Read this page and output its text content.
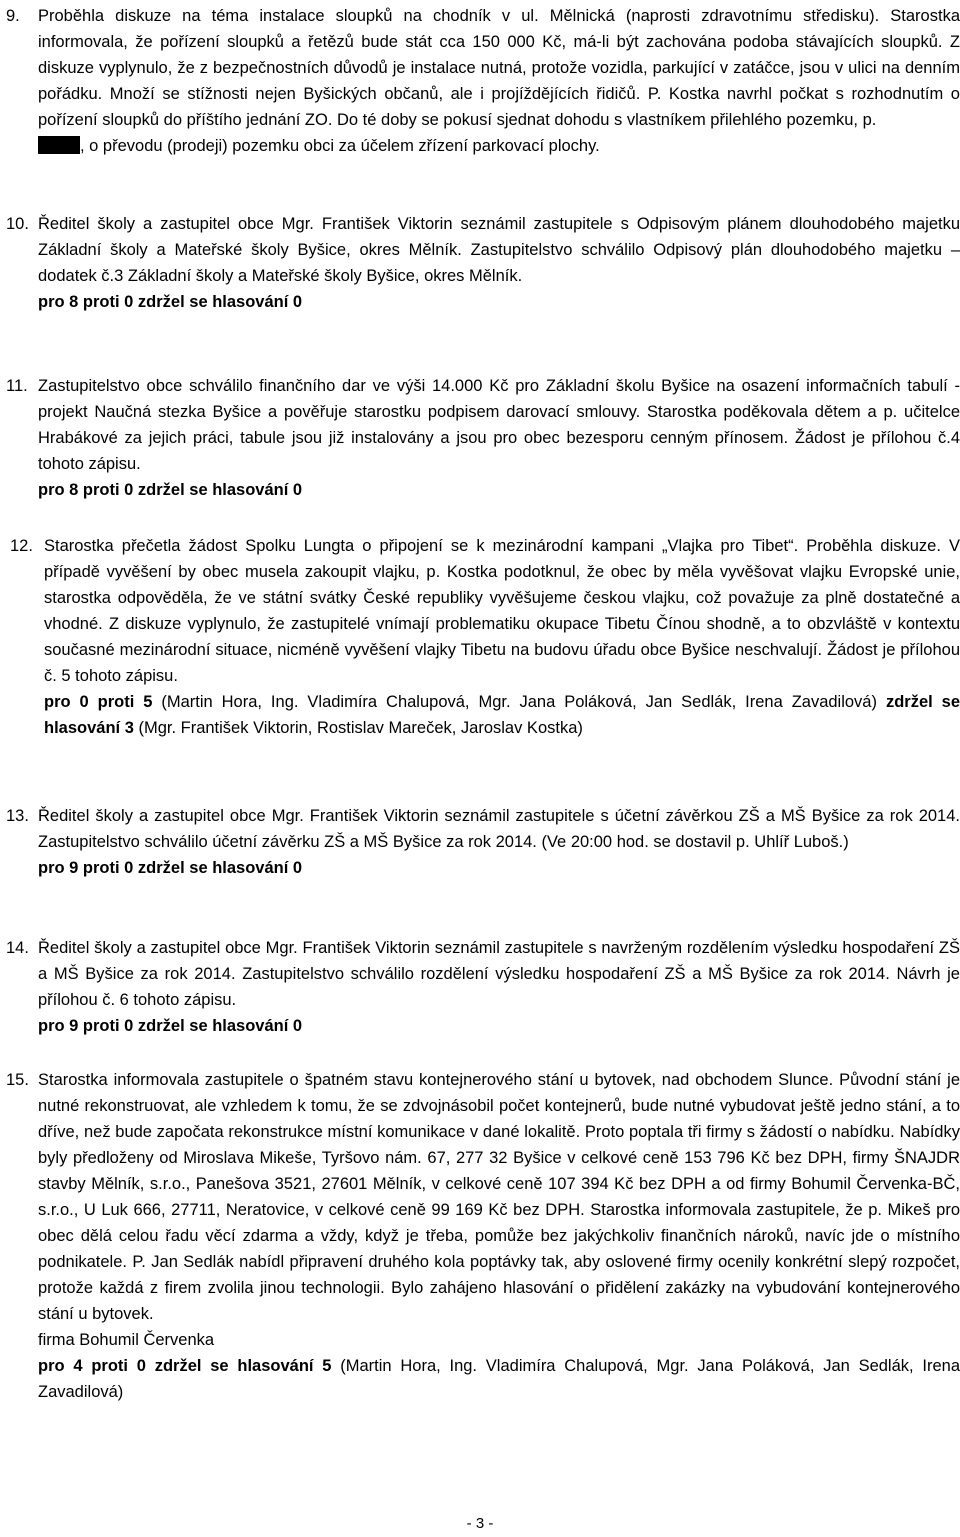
9. Proběhla diskuze na téma instalace sloupků na chodník v ul. Mělnická (naprosti zdravotnímu středisku). Starostka informovala, že pořízení sloupků a řetězů bude stát cca 150 000 Kč, má-li být zachována podoba stávajících sloupků. Z diskuze vyplynulo, že z bezpečnostních důvodů je instalace nutná, protože vozidla, parkující v zatáčce, jsou v ulici na denním pořádku. Množí se stížnosti nejen Byšických občanů, ale i projíždějících řidičů. P. Kostka navrhl počkat s rozhodnutím o pořízení sloupků do příštího jednání ZO. Do té doby se pokusí sjednat dohodu s vlastníkem přilehlého pozemku, p.

, o převodu (prodeji) pozemku obci za účelem zřízení parkovací plochy.

10. Ředitel školy a zastupitel obce Mgr. František Viktorin seznámil zastupitele s Odpisovým plánem dlouhodobého majetku Základní školy a Mateřské školy Byšice, okres Mělník. Zastupitelstvo schválilo Odpisový plán dlouhodobého majetku – dodatek č.3 Základní školy a Mateřské školy Byšice, okres Mělník.

pro 8 proti 0 zdržel se hlasování 0

11. Zastupitelstvo obce schválilo finančního dar ve výši 14.000 Kč pro Základní školu Byšice na osazení informačních tabulí - projekt Naučná stezka Byšice a pověřuje starostku podpisem darovací smlouvy. Starostka poděkovala dětem a p. učitelce Hrabákové za jejich práci, tabule jsou již instalovány a jsou pro obec bezesporu cenným přínosem. Žádost je přílohou č.4 tohoto zápisu.

pro 8 proti 0 zdržel se hlasování 0

12. Starostka přečetla žádost Spolku Lungta o připojení se k mezinárodní kampani „Vlajka pro Tibet“. Proběhla diskuze. V případě vyvěšení by obec musela zakoupit vlajku, p. Kostka podotknul, že obec by měla vyvěšovat vlajku Evropské unie, starostka odpověděla, že ve státní svátky České republiky vyvěšujeme českou vlajku, což považuje za plně dostatečné a vhodné. Z diskuze vyplynulo, že zastupitelé vnímají problematiku okupace Tibetu Čínou shodně, a to obzvláště v kontextu současné mezinárodní situace, nicméně vyvěšení vlajky Tibetu na budovu úřadu obce Byšice neschvalují. Žádost je přílohou č. 5 tohoto zápisu.

pro 0 proti 5 (Martin Hora, Ing. Vladimíra Chalupová, Mgr. Jana Poláková, Jan Sedlák, Irena Zavadilová) zdržel se hlasování 3 (Mgr. František Viktorin, Rostislav Mareček, Jaroslav Kostka)

13. Ředitel školy a zastupitel obce Mgr. František Viktorin seznámil zastupitele s účetní závěrkou ZŠ a MŠ Byšice za rok 2014. Zastupitelstvo schválilo účetní závěrku ZŠ a MŠ Byšice za rok 2014. (Ve 20:00 hod. se dostavil p. Uhlíř Luboš.)

pro 9 proti 0 zdržel se hlasování 0

14. Ředitel školy a zastupitel obce Mgr. František Viktorin seznámil zastupitele s navrženým rozdělením výsledku hospodaření ZŠ a MŠ Byšice za rok 2014. Zastupitelstvo schválilo rozdělení výsledku hospodaření ZŠ a MŠ Byšice za rok 2014. Návrh je přílohou č. 6 tohoto zápisu.

pro 9 proti 0 zdržel se hlasování 0

15. Starostka informovala zastupitele o špatném stavu kontejnerového stání u bytovek, nad obchodem Slunce. Původní stání je nutné rekonstruovat, ale vzhledem k tomu, že se zdvojnásobil počet kontejnerů, bude nutné vybudovat ještě jedno stání, a to dříve, než bude započata rekonstrukce místní komunikace v dané lokalitě. Proto poptala tři firmy s žádostí o nabídku. Nabídky byly předloženy od Miroslava Mikeše, Tyršovo nám. 67, 277 32 Byšice v celkové ceně 153 796 Kč bez DPH, firmy ŠNAJDR stavby Mělník, s.r.o., Panešova 3521, 27601 Mělník, v celkové ceně 107 394 Kč bez DPH a od firmy Bohumil Červenka-BČ, s.r.o., U Luk 666, 27711, Neratovice, v celkové ceně 99 169 Kč bez DPH. Starostka informovala zastupitele, že p. Mikeš pro obec dělá celou řadu věcí zdarma a vždy, když je třeba, pomůže bez jakýchkoliv finančních nároků, navíc jde o místního podnikatele. P. Jan Sedlák nabídl připravení druhého kola poptávky tak, aby oslovené firmy ocenily konkrétní slepý rozpočet, protože každá z firem zvolila jinou technologii. Bylo zahájeno hlasování o přidělení zakázky na vybudování kontejnerového stání u bytovek.

firma Bohumil Červenka

pro 4 proti 0 zdržel se hlasování 5 (Martin Hora, Ing. Vladimíra Chalupová, Mgr. Jana Poláková, Jan Sedlák, Irena Zavadilová)

- 3 -
